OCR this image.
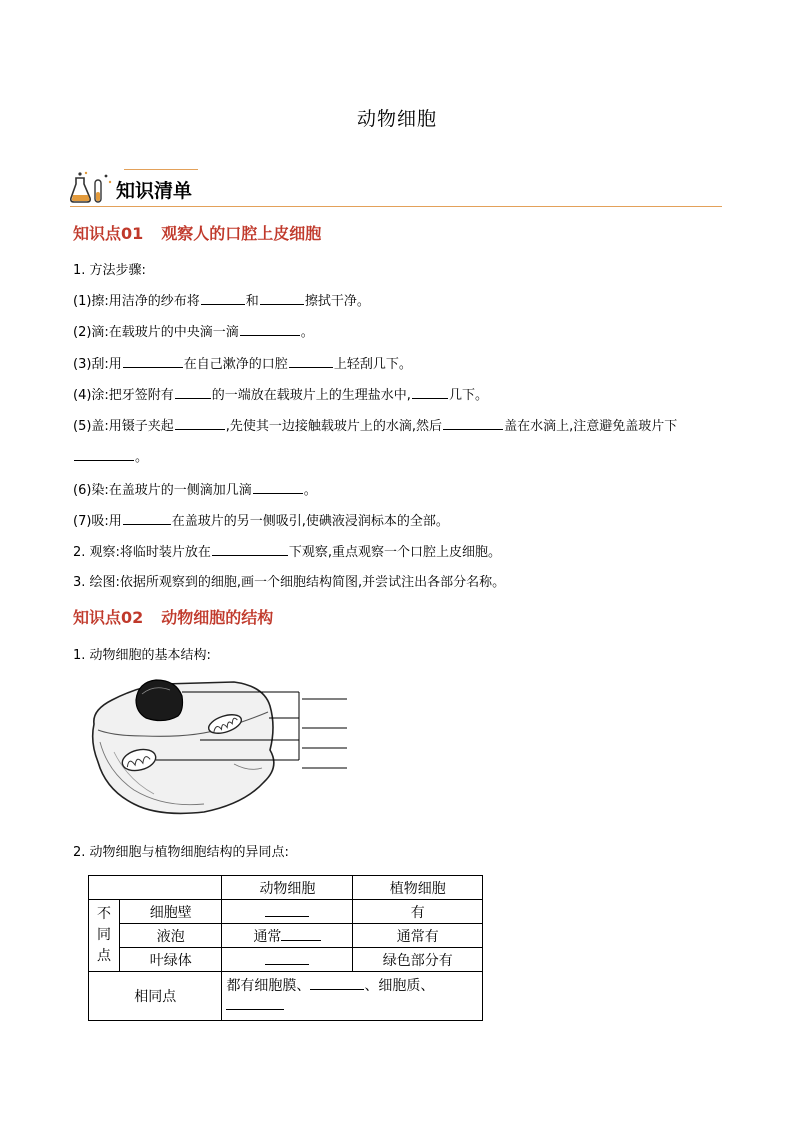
动物细胞
知识清单
知识点01 观察人的口腔上皮细胞
1. 方法步骤:
(1)擦:用洁净的纱布将	和	擦拭干净。
(2)滴:在载玻片的中央滴一滴	。
(3)刮:用	在自己漱净的口腔	上轻刮几下。
(4)涂:把牙签附有	的一端放在载玻片上的生理盐水中,	几下。
(5)盖:用镊子夹起	,先使其一边接触载玻片上的水滴,然后	盖在水滴上,注意避免盖玻片下
。
(6)染:在盖玻片的一侧滴加几滴	。
(7)吸:用	在盖玻片的另一侧吸引,使碘液浸润标本的全部。
2. 观察:将临时装片放在	下观察,重点观察一个口腔上皮细胞。
3. 绘图:依据所观察到的细胞,画一个细胞结构简图,并尝试注出各部分名称。
知识点02 动物细胞的结构
1. 动物细胞的基本结构:
2. 动物细胞与植物细胞结构的异同点:
		动物细胞	植物细胞
不
同
点	细胞壁		有
	液泡	通常	通常有
	叶绿体		绿色部分有
相同点		都有细胞膜、 、细胞质、	
